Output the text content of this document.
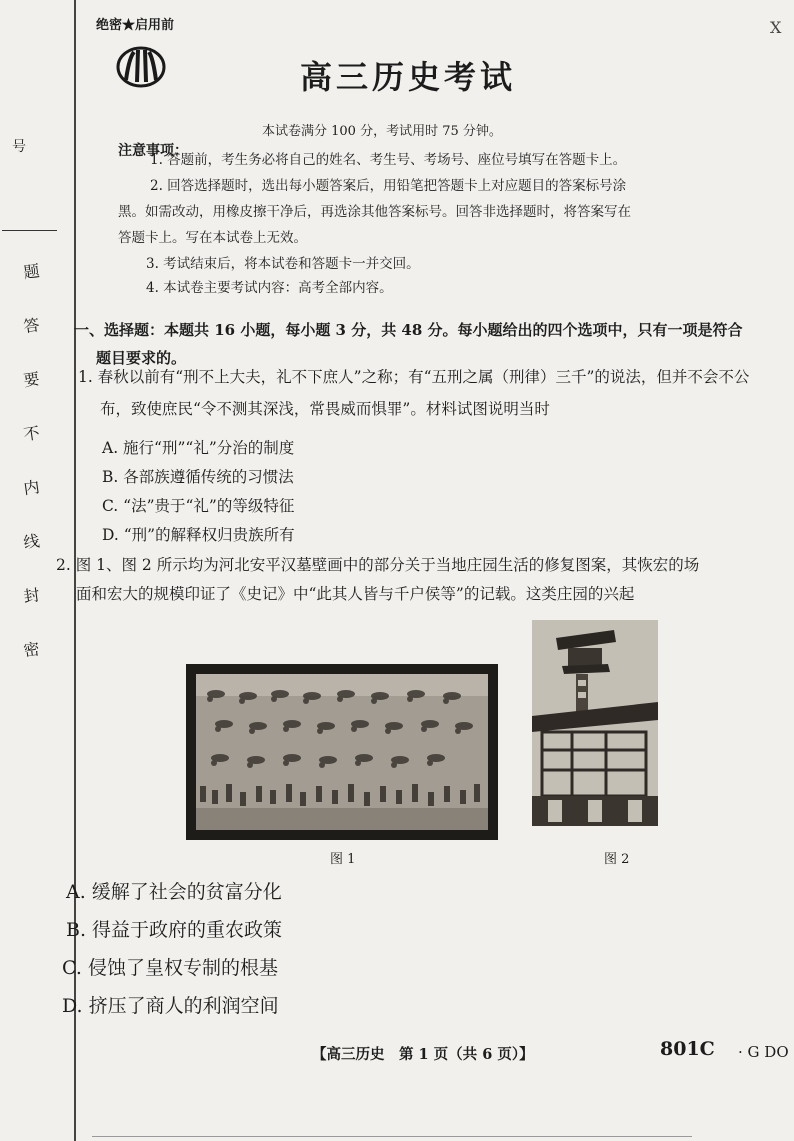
号
题
答
要
不
内
线
封
密
绝密★启用前	X
高三历史考试
本试卷满分 100 分，考试用时 75 分钟。
注意事项：
1. 答题前，考生务必将自己的姓名、考生号、考场号、座位号填写在答题卡上。
2. 回答选择题时，选出每小题答案后，用铅笔把答题卡上对应题目的答案标号涂
黑。如需改动，用橡皮擦干净后，再选涂其他答案标号。回答非选择题时，将答案写在
答题卡上。写在本试卷上无效。
3. 考试结束后，将本试卷和答题卡一并交回。
4. 本试卷主要考试内容：高考全部内容。
一、选择题：本题共 16 小题，每小题 3 分，共 48 分。每小题给出的四个选项中，只有一项是符合
题目要求的。
1. 春秋以前有“刑不上大夫，礼不下庶人”之称；有“五刑之属（刑律）三千”的说法，但并不会不公
布，致使庶民“令不测其深浅，常畏威而惧罪”。材料试图说明当时
A. 施行“刑”“礼”分治的制度
B. 各部族遵循传统的习惯法
C. “法”贵于“礼”的等级特征
D. “刑”的解释权归贵族所有
2. 图 1、图 2 所示均为河北安平汉墓壁画中的部分关于当地庄园生活的修复图案，其恢宏的场
面和宏大的规模印证了《史记》中“此其人皆与千户侯等”的记载。这类庄园的兴起
图 1	图 2
A. 缓解了社会的贫富分化
B. 得益于政府的重农政策
C. 侵蚀了皇权专制的根基
D. 挤压了商人的利润空间
【高三历史　第 1 页（共 6 页）】	801C · G DO
